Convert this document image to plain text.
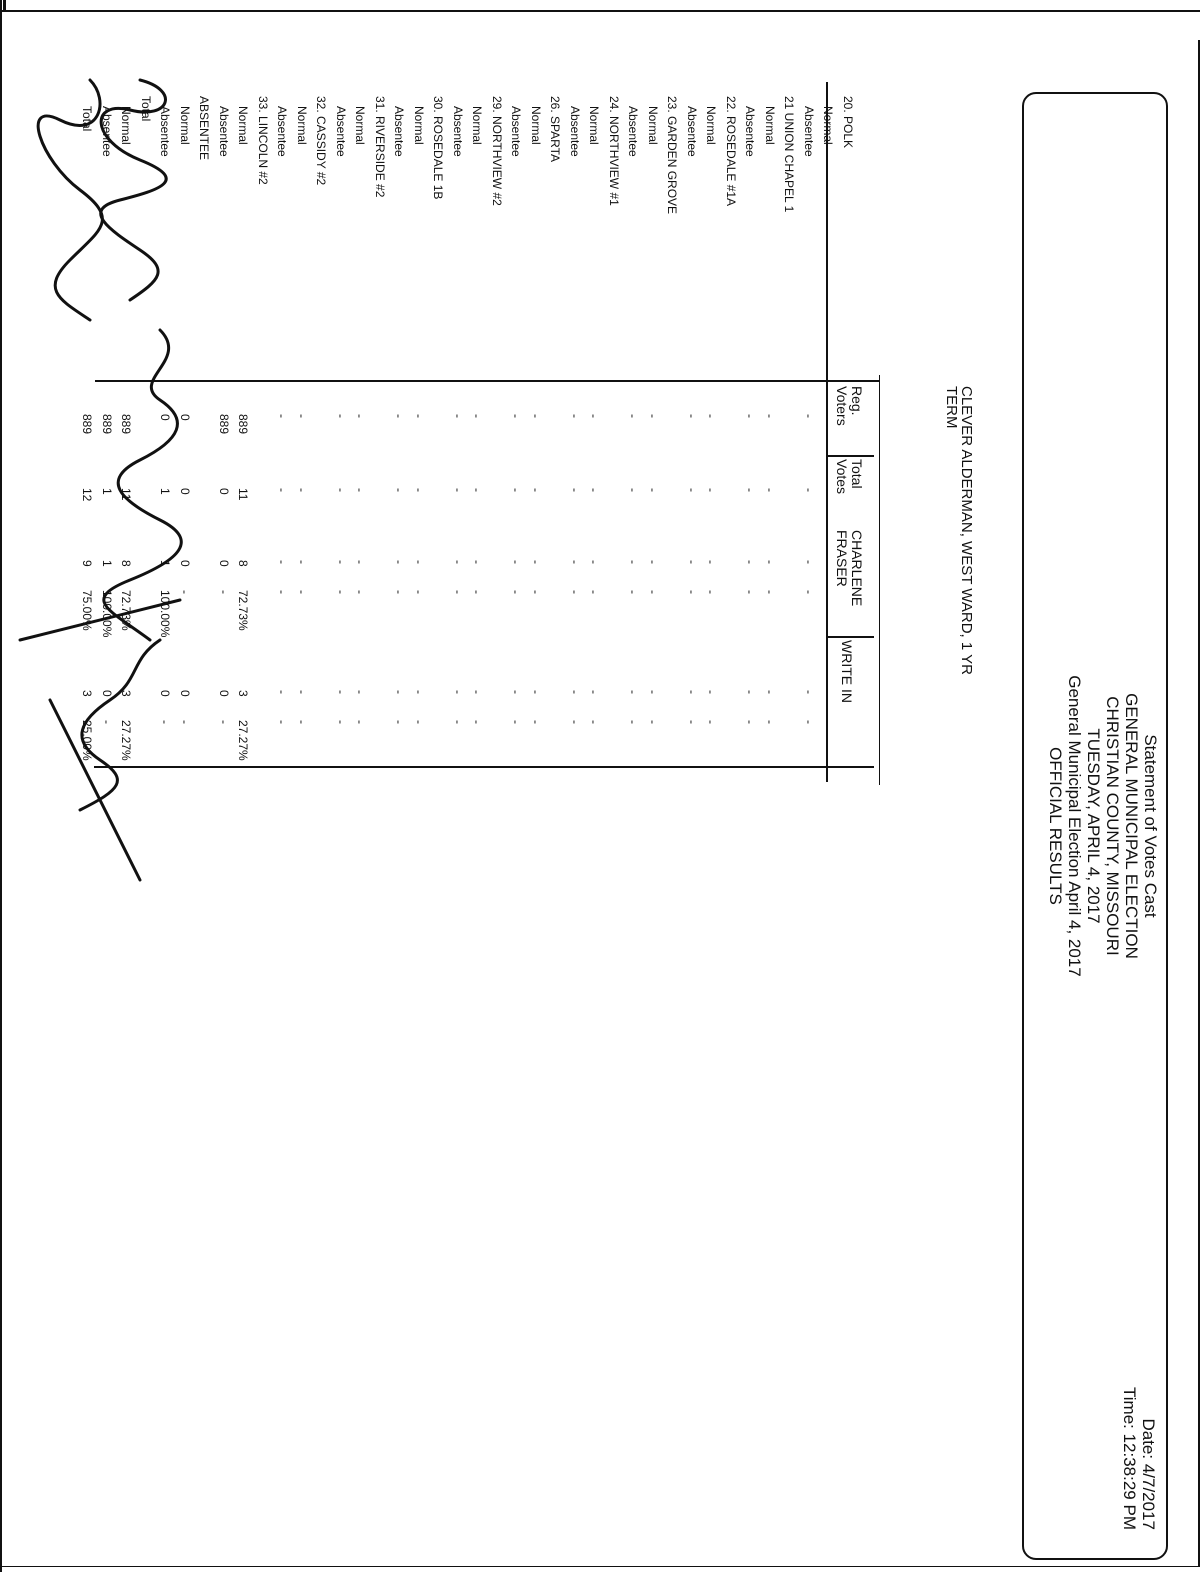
Statement of Votes Cast
GENERAL MUNICIPAL ELECTION
CHRISTIAN COUNTY, MISSOURI
TUESDAY, APRIL 4, 2017
General Municipal Election April 4, 2017
OFFICIAL RESULTS
Date: 4/7/2017
Time: 12:38:29 PM
CLEVER ALDERMAN, WEST WARD, 1 YR
TERM
Reg.
Voters
Total
Votes
CHARLENE
FRASER
WRITE IN
20. POLK
Normal
-
-
-
-
-
-
Absentee
-
-
-
-
-
-
21 UNION CHAPEL 1
Normal
-
-
-
-
-
-
Absentee
-
-
-
-
-
-
22. ROSEDALE #1A
Normal
-
-
-
-
-
-
Absentee
-
-
-
-
-
-
23. GARDEN GROVE
Normal
-
-
-
-
-
-
Absentee
-
-
-
-
-
-
24. NORTHVIEW #1
Normal
-
-
-
-
-
-
Absentee
-
-
-
-
-
-
26. SPARTA
Normal
-
-
-
-
-
-
Absentee
-
-
-
-
-
-
29. NORTHVIEW #2
Normal
-
-
-
-
-
-
Absentee
-
-
-
-
-
-
30. ROSEDALE 1B
Normal
-
-
-
-
-
-
Absentee
-
-
-
-
-
-
31. RIVERSIDE #2
Normal
-
-
-
-
-
-
Absentee
-
-
-
-
-
-
32. CASSIDY #2
Normal
-
-
-
-
-
-
Absentee
-
-
-
-
-
-
33. LINCOLN #2
Normal
889
11
8
72.73%
3
27.27%
Absentee
889
0
0
-
0
-
ABSENTEE
Normal
0
0
0
-
0
-
Absentee
0
1
1
100.00%
0
-
Total
Normal
889
11
8
72.73%
3
27.27%
Absentee
889
1
1
100.00%
0
-
Total
889
12
9
75.00%
3
25.00%
